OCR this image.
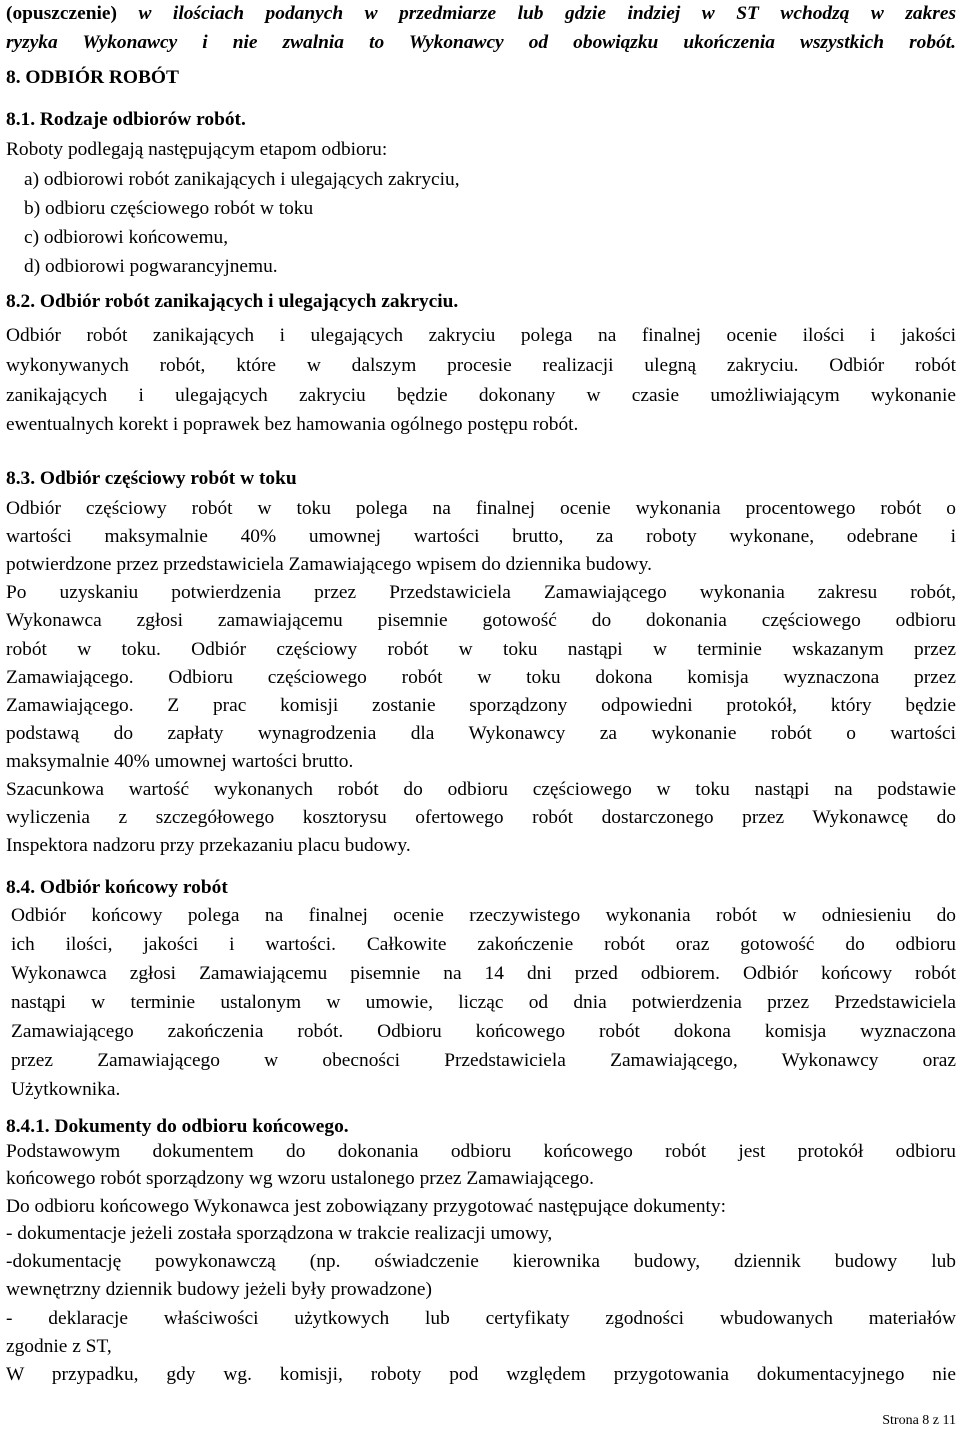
(opuszczenie) w ilościach podanych w przedmiarze lub gdzie indziej w ST wchodzą w zakres
ryzyka Wykonawcy i nie zwalnia to Wykonawcy od obowiązku ukończenia wszystkich robót.
8. ODBIÓR ROBÓT
8.1. Rodzaje odbiorów robót.
Roboty podlegają następującym etapom odbioru:
a) odbiorowi robót zanikających i ulegających zakryciu,
b) odbioru częściowego robót w toku
c) odbiorowi końcowemu,
d) odbiorowi pogwarancyjnemu.
8.2. Odbiór robót zanikających i ulegających zakryciu.
Odbiór robót zanikających i ulegających zakryciu polega na finalnej ocenie ilości i jakości
wykonywanych robót, które w dalszym procesie realizacji ulegną zakryciu. Odbiór robót
zanikających i ulegających zakryciu będzie dokonany w czasie umożliwiającym wykonanie
ewentualnych korekt i poprawek bez hamowania ogólnego postępu robót.
8.3. Odbiór częściowy robót w toku
Odbiór częściowy robót w toku polega na finalnej ocenie wykonania procentowego robót o
wartości maksymalnie 40% umownej wartości brutto, za roboty wykonane, odebrane i
potwierdzone przez przedstawiciela Zamawiającego wpisem do dziennika budowy.
Po uzyskaniu potwierdzenia przez Przedstawiciela Zamawiającego wykonania zakresu robót,
Wykonawca zgłosi zamawiającemu pisemnie gotowość do dokonania częściowego odbioru
robót w toku. Odbiór częściowy robót w toku nastąpi w terminie wskazanym przez
Zamawiającego. Odbioru częściowego robót w toku dokona komisja wyznaczona przez
Zamawiającego. Z prac komisji zostanie sporządzony odpowiedni protokół, który będzie
podstawą do zapłaty wynagrodzenia dla Wykonawcy za wykonanie robót o wartości
maksymalnie 40% umownej wartości brutto.
Szacunkowa wartość wykonanych robót do odbioru częściowego w toku nastąpi na podstawie
wyliczenia z szczegółowego kosztorysu ofertowego robót dostarczonego przez Wykonawcę do
Inspektora nadzoru przy przekazaniu placu budowy.
8.4. Odbiór końcowy robót
Odbiór końcowy polega na finalnej ocenie rzeczywistego wykonania robót w odniesieniu do
ich ilości, jakości i wartości. Całkowite zakończenie robót oraz gotowość do odbioru
Wykonawca zgłosi Zamawiającemu pisemnie na 14 dni przed odbiorem. Odbiór końcowy robót
nastąpi w terminie ustalonym w umowie, licząc od dnia potwierdzenia przez Przedstawiciela
Zamawiającego zakończenia robót. Odbioru końcowego robót dokona komisja wyznaczona
przez Zamawiającego w obecności Przedstawiciela Zamawiającego, Wykonawcy oraz
Użytkownika.
8.4.1. Dokumenty do odbioru końcowego.
Podstawowym dokumentem do dokonania odbioru końcowego robót jest protokół odbioru
końcowego robót sporządzony wg wzoru ustalonego przez Zamawiającego.
Do odbioru końcowego Wykonawca jest zobowiązany przygotować następujące dokumenty:
- dokumentacje jeżeli została sporządzona w trakcie realizacji umowy,
-dokumentację powykonawczą (np. oświadczenie kierownika budowy, dziennik budowy lub
wewnętrzny dziennik budowy jeżeli były prowadzone)
- deklaracje właściwości użytkowych lub certyfikaty zgodności wbudowanych materiałów
zgodnie z ST,
W przypadku, gdy wg. komisji, roboty pod względem przygotowania dokumentacyjnego nie
Strona 8 z 11
